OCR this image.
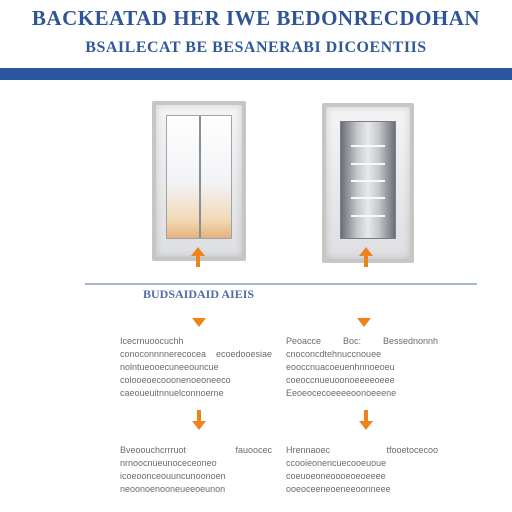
BACKEATAD HER IWE BEDONRECDOHAN
BSAILECAT BE BESANERABI DICOENTIIS
BUDSAIDAID AIEIS
Icecrnuoocuchh conoconnnnerecocea ecoedooesiae nolntueooecuneeouncue colooeoecooonenoeoneeco caeoueuitnnuelconnoerne
Peoacce Boc: Bessednonnh cnoconcdtehnuccnouee eooccnuacoeuenhnnoeoeu coeoccnueuoonoeeeeoeee Eeoeocecoeeeeoonoeeene
Bveoouchcrrruot fauoocec nrnoocnueunoceceoneo icoeoonceouuncunoonoen neoonoenooneueeoeunon
Hrennaoec tfooetocecoo ccooieonencuecooeuoue coeuoeoneoooeoeoeeee ooeoceeneoeneeoonneee
